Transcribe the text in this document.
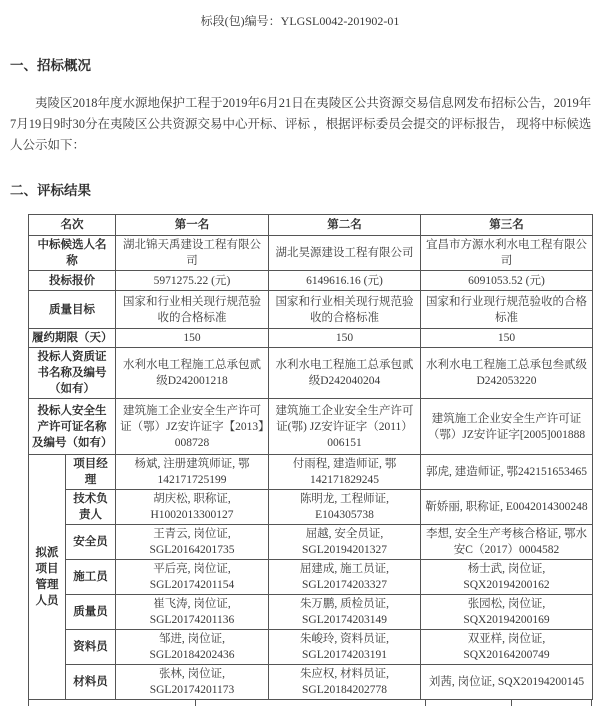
标段(包)编号：YLGSL0042-201902-01
一、招标概况

夷陵区2018年度水源地保护工程于2019年6月21日在夷陵区公共资源交易信息网发布招标公告，2019年7月19日9时30分在夷陵区公共资源交易中心开标、评标 ，根据评标委员会提交的评标报告， 现将中标候选人公示如下：

二、评标结果
名次		第一名	第二名	第三名
中标候选人名称		湖北锦天禹建设工程有限公司	湖北昊源建设工程有限公司	宜昌市方源水利水电工程有限公司
投标报价		5971275.22 (元)	6149616.16 (元)	6091053.52 (元)
质量目标		国家和行业相关现行规范验收的合格标准	国家和行业相关现行规范验收的合格标准	国家和行业现行规范验收的合格标准
履约期限（天）		150	150	150
投标人资质证书名称及编号（如有）		水利水电工程施工总承包贰级D242001218	水利水电工程施工总承包贰级D242040204	水利水电工程施工总承包叁贰级D242053220
投标人安全生产许可证名称及编号（如有）		建筑施工企业安全生产许可证（鄂）JZ安许证字【2013】008728	建筑施工企业安全生产许可证(鄂) JZ安许证字（2011）006151	建筑施工企业安全生产许可证（鄂）JZ安许证字[2005]001888
拟派项目管理人员	项目经理	杨斌, 注册建筑师证, 鄂142171725199	付雨程, 建造师证, 鄂142171829245	郭虎, 建造师证, 鄂242151653465
	技术负责人	胡庆松, 职称证, H1002013300127	陈明龙, 工程师证, E104305738	靳娇丽, 职称证, E0042014300248
	安全员	王青云, 岗位证, SGL20164201735	屈越, 安全员证, SGL20194201327	李想, 安全生产考核合格证, 鄂水安C（2017）0004582
	施工员	平后亮, 岗位证, SGL20174201154	屈建成, 施工员证, SGL20174203327	杨士武, 岗位证, SQX20194200162
	质量员	崔飞涛, 岗位证, SGL20174201136	朱万鹏, 质检员证, SGL20174203149	张园松, 岗位证, SQX20194200169
	资料员	邹进, 岗位证, SGL20184202436	朱峻玲, 资料员证, SGL20174203191	双亚样, 岗位证, SQX20164200749
	材料员	张林, 岗位证, SGL20174201173	朱应权, 材料员证, SGL20184202778	刘茜, 岗位证, SQX20194200145
